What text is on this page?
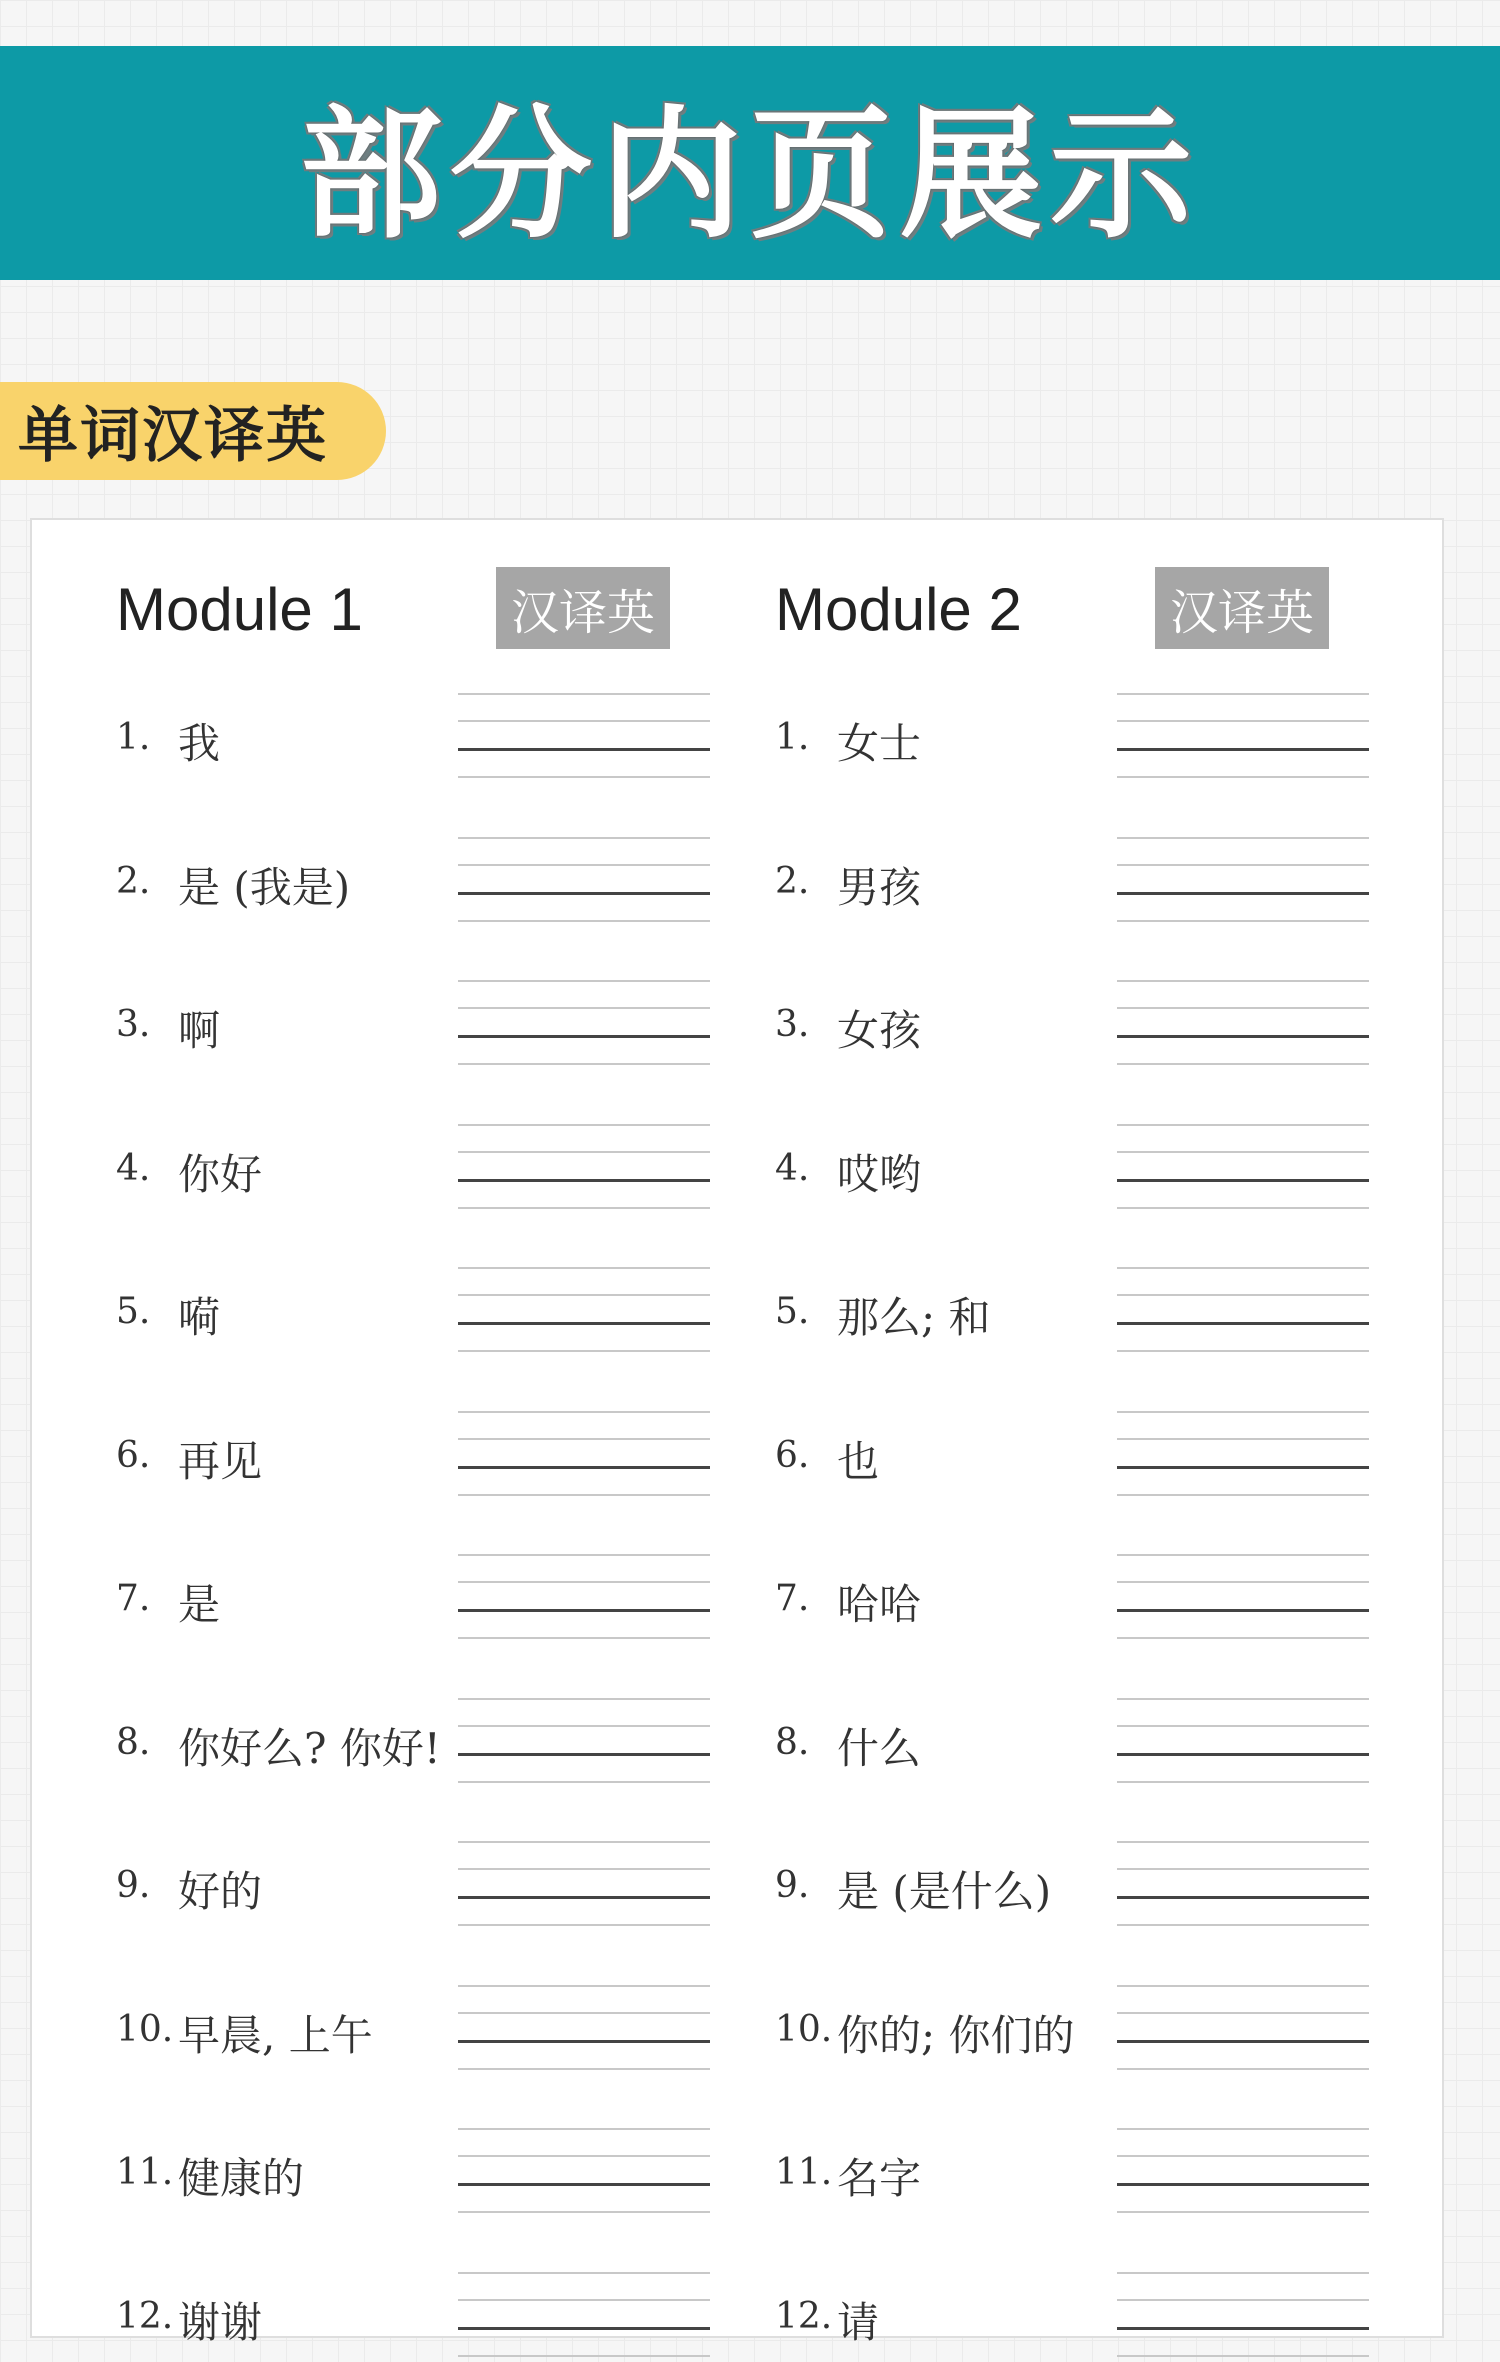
部分内页展示
单词汉译英
Module 1	汉译英
1. 我
2. 是 (我是)
3. 啊
4. 你好
5. 嗬
6. 再见
7. 是
8. 你好么? 你好!
9. 好的
10. 早晨, 上午
11. 健康的
12. 谢谢
Module 2	汉译英
1. 女士
2. 男孩
3. 女孩
4. 哎哟
5. 那么; 和
6. 也
7. 哈哈
8. 什么
9. 是 (是什么)
10. 你的; 你们的
11. 名字
12. 请
